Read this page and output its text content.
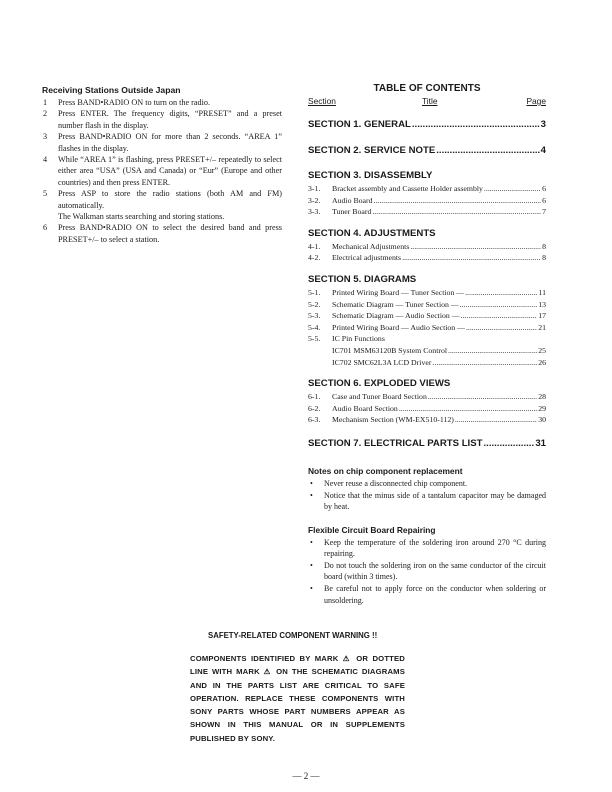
Receiving Stations Outside Japan
1 Press BAND•RADIO ON to turn on the radio.
2 Press ENTER. The frequency digits, “PRESET” and a preset number flash in the display.
3 Press BAND•RADIO ON for more than 2 seconds. “AREA 1” flashes in the display.
4 While “AREA 1” is flashing, press PRESET+/– repeatedly to select either area “USA” (USA and Canada) or “Eur” (Europe and other countries) and then press ENTER.
5 Press ASP to store the radio stations (both AM and FM) automatically.
The Walkman starts searching and storing stations.
6 Press BAND•RADIO ON to select the desired band and press PRESET+/– to select a station.
TABLE OF CONTENTS
Section	Title	Page
SECTION 1. GENERAL .....	3
SECTION 2. SERVICE NOTE .....	4
SECTION 3. DISASSEMBLY
3-1.	Bracket assembly and Cassette Holder assembly .....	6
3-2.	Audio Board .....	6
3-3.	Tuner Board .....	7
SECTION 4. ADJUSTMENTS
4-1.	Mechanical Adjustments .....	8
4-2.	Electrical adjustments .....	8
SECTION 5. DIAGRAMS
5-1.	Printed Wiring Board — Tuner Section — .....	11
5-2.	Schematic Diagram — Tuner Section — .....	13
5-3.	Schematic Diagram — Audio Section — .....	17
5-4.	Printed Wiring Board — Audio Section — .....	21
5-5.	IC Pin Functions
IC701 MSM63120B System Control .....	25
IC702 SMC62L3A LCD Driver .....	26
SECTION 6. EXPLODED VIEWS
6-1.	Case and Tuner Board Section .....	28
6-2.	Audio Board Section .....	29
6-3.	Mechanism Section (WM-EX510-112) .....	30
SECTION 7. ELECTRICAL PARTS LIST .....	31
Notes on chip component replacement
• Never reuse a disconnected chip component.
• Notice that the minus side of a tantalum capacitor may be damaged by heat.
Flexible Circuit Board Repairing
• Keep the temperature of the soldering iron around 270 °C during repairing.
• Do not touch the soldering iron on the same conductor of the circuit board (within 3 times).
• Be careful not to apply force on the conductor when soldering or unsoldering.
SAFETY-RELATED COMPONENT WARNING !!
COMPONENTS IDENTIFIED BY MARK ⚠ OR DOTTED LINE WITH MARK ⚠ ON THE SCHEMATIC DIAGRAMS AND IN THE PARTS LIST ARE CRITICAL TO SAFE OPERATION. REPLACE THESE COMPONENTS WITH SONY PARTS WHOSE PART NUMBERS APPEAR AS SHOWN IN THIS MANUAL OR IN SUPPLEMENTS PUBLISHED BY SONY.
— 2 —
